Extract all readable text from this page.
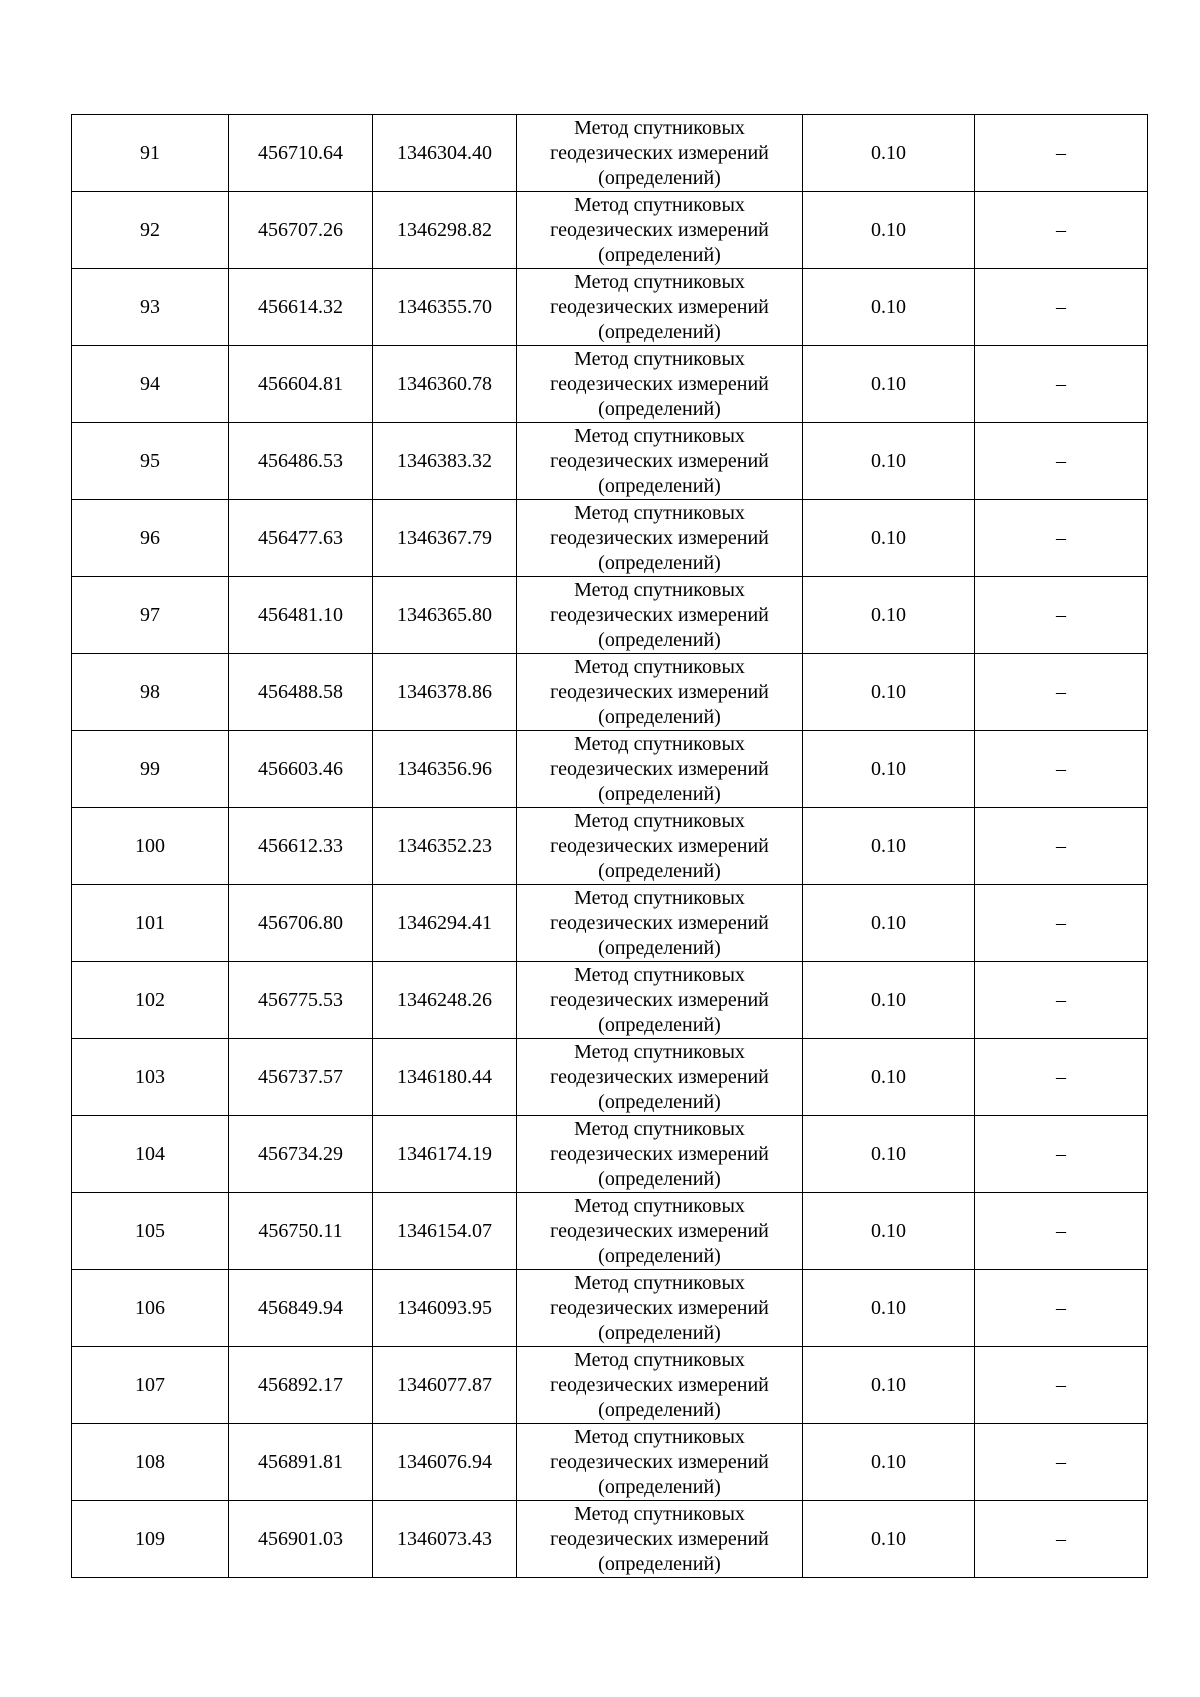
91	456710.64	1346304.40	Метод спутниковых
геодезических измерений
(определений)	0.10	–
92	456707.26	1346298.82	Метод спутниковых
геодезических измерений
(определений)	0.10	–
93	456614.32	1346355.70	Метод спутниковых
геодезических измерений
(определений)	0.10	–
94	456604.81	1346360.78	Метод спутниковых
геодезических измерений
(определений)	0.10	–
95	456486.53	1346383.32	Метод спутниковых
геодезических измерений
(определений)	0.10	–
96	456477.63	1346367.79	Метод спутниковых
геодезических измерений
(определений)	0.10	–
97	456481.10	1346365.80	Метод спутниковых
геодезических измерений
(определений)	0.10	–
98	456488.58	1346378.86	Метод спутниковых
геодезических измерений
(определений)	0.10	–
99	456603.46	1346356.96	Метод спутниковых
геодезических измерений
(определений)	0.10	–
100	456612.33	1346352.23	Метод спутниковых
геодезических измерений
(определений)	0.10	–
101	456706.80	1346294.41	Метод спутниковых
геодезических измерений
(определений)	0.10	–
102	456775.53	1346248.26	Метод спутниковых
геодезических измерений
(определений)	0.10	–
103	456737.57	1346180.44	Метод спутниковых
геодезических измерений
(определений)	0.10	–
104	456734.29	1346174.19	Метод спутниковых
геодезических измерений
(определений)	0.10	–
105	456750.11	1346154.07	Метод спутниковых
геодезических измерений
(определений)	0.10	–
106	456849.94	1346093.95	Метод спутниковых
геодезических измерений
(определений)	0.10	–
107	456892.17	1346077.87	Метод спутниковых
геодезических измерений
(определений)	0.10	–
108	456891.81	1346076.94	Метод спутниковых
геодезических измерений
(определений)	0.10	–
109	456901.03	1346073.43	Метод спутниковых
геодезических измерений
(определений)	0.10	–
